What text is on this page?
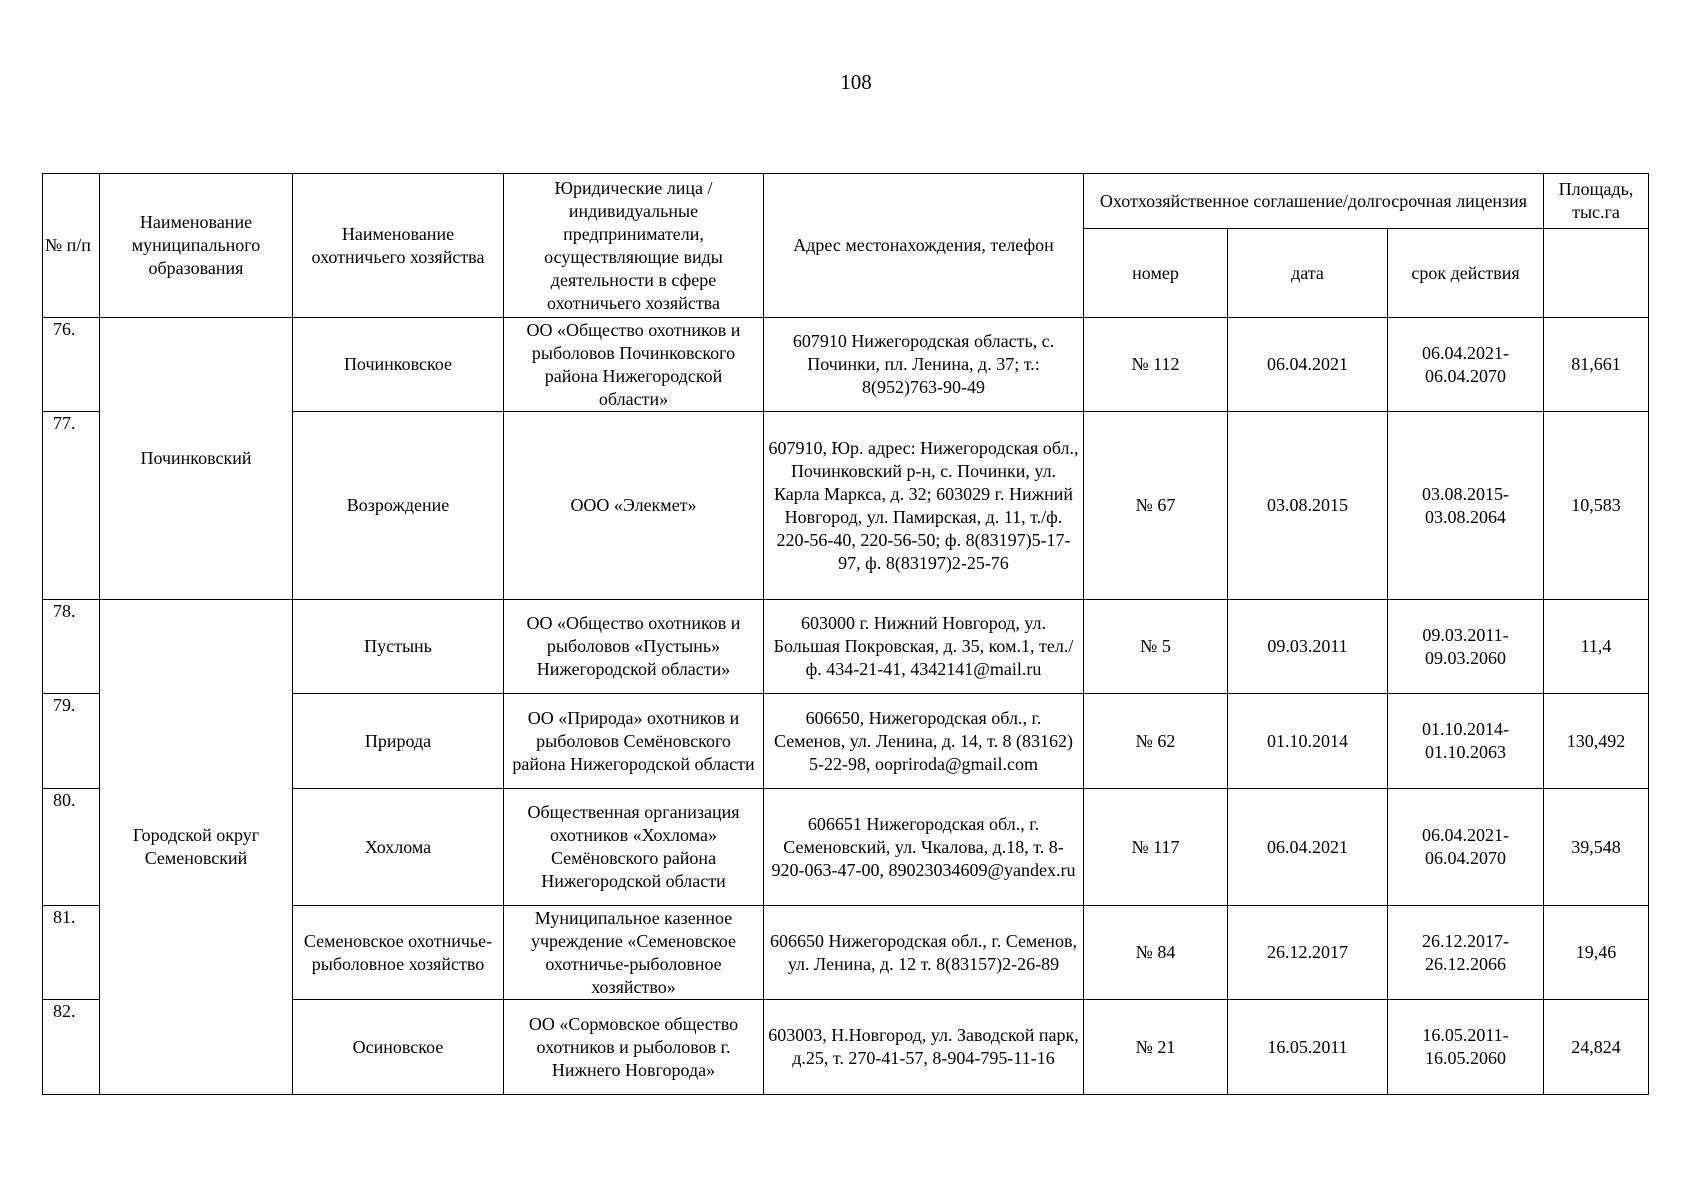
108
№ п/п	Наименование муниципального образования	Наименование охотничьего хозяйства	Юридические лица / индивидуальные предприниматели, осуществляющие виды деятельности в сфере охотничьего хозяйства	Адрес местонахождения, телефон	Охотхозяйственное соглашение/долгосрочная лицензия			Площадь, тыс.га
					номер	дата	срок действия	
76.	Починковский	Починковское	ОО «Общество охотников и рыболовов Починковского района Нижегородской области»	607910 Нижегородская область, с. Починки, пл. Ленина, д. 37; т.: 8(952)763-90-49	№ 112	06.04.2021	06.04.2021-06.04.2070	81,661
77.		Возрождение	ООО «Элекмет»	607910, Юр. адрес: Нижегородская обл., Починковский р-н, с. Починки, ул. Карла Маркса, д. 32; 603029 г. Нижний Новгород, ул. Памирская, д. 11, т./ф. 220-56-40, 220-56-50; ф. 8(83197)5-17-97, ф. 8(83197)2-25-76	№ 67	03.08.2015	03.08.2015-03.08.2064	10,583
78.	Городской округ Семеновский	Пустынь	ОО «Общество охотников и рыболовов «Пустынь» Нижегородской области»	603000 г. Нижний Новгород, ул. Большая Покровская, д. 35, ком.1, тел./ф. 434-21-41, 4342141@mail.ru	№ 5	09.03.2011	09.03.2011-09.03.2060	11,4
79.		Природа	ОО «Природа» охотников и рыболовов Семёновского района Нижегородской области	606650, Нижегородская обл., г. Семенов, ул. Ленина, д. 14, т. 8 (83162) 5-22-98, oopriroda@gmail.com	№ 62	01.10.2014	01.10.2014-01.10.2063	130,492
80.		Хохлома	Общественная организация охотников «Хохлома» Семёновского района Нижегородской области	606651 Нижегородская обл., г. Семеновский, ул. Чкалова, д.18, т. 8-920-063-47-00, 89023034609@yandex.ru	№ 117	06.04.2021	06.04.2021-06.04.2070	39,548
81.		Семеновское охотничье-рыболовное хозяйство	Муниципальное казенное учреждение «Семеновское охотничье-рыболовное хозяйство»	606650 Нижегородская обл., г. Семенов, ул. Ленина, д. 12 т. 8(83157)2-26-89	№ 84	26.12.2017	26.12.2017-26.12.2066	19,46
82.		Осиновское	ОО «Сормовское общество охотников и рыболовов г. Нижнего Новгорода»	603003, Н.Новгород, ул. Заводской парк, д.25, т. 270-41-57, 8-904-795-11-16	№ 21	16.05.2011	16.05.2011-16.05.2060	24,824
